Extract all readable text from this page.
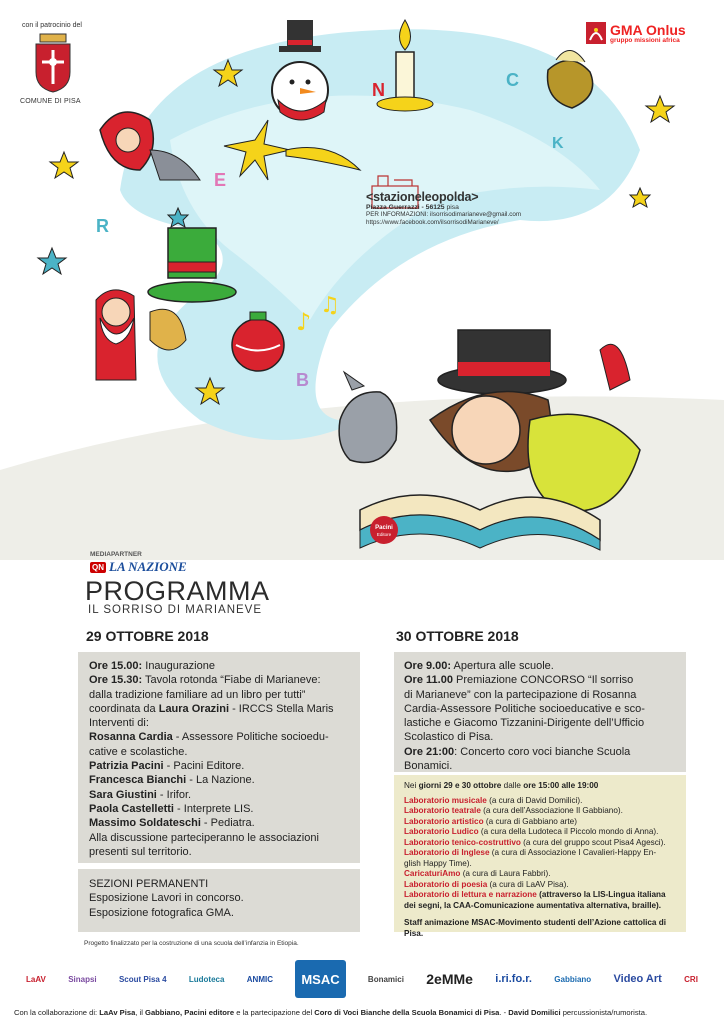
♪
♫
Pacini
Editore
N	C
K
E
R
B
con il patrocinio del
COMUNE DI PISA
GMA Onlus
gruppo missioni africa
<stazioneleopolda>
Piazza Guerrazzi - 56125 pisa
PER INFORMAZIONI: ilsorrisodimarianeve@gmail.com
https://www.facebook.com/ilsorrisodiMarianeve/
MEDIAPARTNER
QN LA NAZIONE
PROGRAMMA
IL SORRISO DI MARIANEVE
29 OTTOBRE 2018	30 OTTOBRE 2018

Ore 15.00: Inaugurazione

Ore 15.30: Tavola rotonda “Fiabe di Marianeve:

dalla tradizione familiare ad un libro per tutti”

coordinata da Laura Orazini - IRCCS Stella Maris

Interventi di:

Rosanna Cardia - Assessore Politiche socioedu-

cative e scolastiche.

Patrizia Pacini - Pacini Editore.

Francesca Bianchi - La Nazione.

Sara Giustini - Irifor.

Paola Castelletti - Interprete LIS.

Massimo Soldateschi - Pediatra.

Alla discussione parteciperanno le associazioni

presenti sul territorio.

SEZIONI PERMANENTI

Esposizione Lavori in concorso.

Esposizione fotografica GMA.

Ore 9.00: Apertura alle scuole.

Ore 11.00 Premiazione CONCORSO “Il sorriso

di Marianeve” con la partecipazione di Rosanna

Cardia-Assessore Politiche socioeducative e sco-

lastiche e Giacomo Tizzanini-Dirigente dell’Ufficio

Scolastico di Pisa.

Ore 21:00: Concerto coro voci bianche Scuola

Bonamici.

Nei giorni 29 e 30 ottobre dalle ore 15:00 alle 19:00
Laboratorio musicale (a cura di David Domilici).
Laboratorio teatrale (a cura dell’Associazione Il Gabbiano).
Laboratorio artistico (a cura di Gabbiano arte)
Laboratorio Ludico (a cura della Ludoteca il Piccolo mondo di Anna).
Laboratorio tenico-costruttivo (a cura del gruppo scout Pisa4 Agesci).
Laboratorio di Inglese (a cura di Associazione I Cavalieri-Happy En-
glish Happy Time).
CaricaturiAmo (a cura di Laura Fabbri).
Laboratorio di poesia (a cura di LaAV Pisa).
Laboratorio di lettura e narrazione (attraverso la LIS-Lingua italiana
dei segni, la CAA-Comunicazione aumentativa alternativa, braille).
Staff animazione MSAC-Movimento studenti dell’Azione cattolica di Pisa.
Progetto finalizzato per la costruzione di una scuola dell’infanzia in Etiopia.
LaAV	Sinapsi	Scout Pisa 4	Ludoteca	ANMIC MSAC	Bonamici 2eMMe i.ri.fo.r.	Gabbiano Video Art	CRI
Con la collaborazione di: LaAv Pisa, il Gabbiano, Pacini editore e la partecipazione del Coro di Voci Bianche della Scuola Bonamici di Pisa. - David Domilici percussionista/rumorista.
